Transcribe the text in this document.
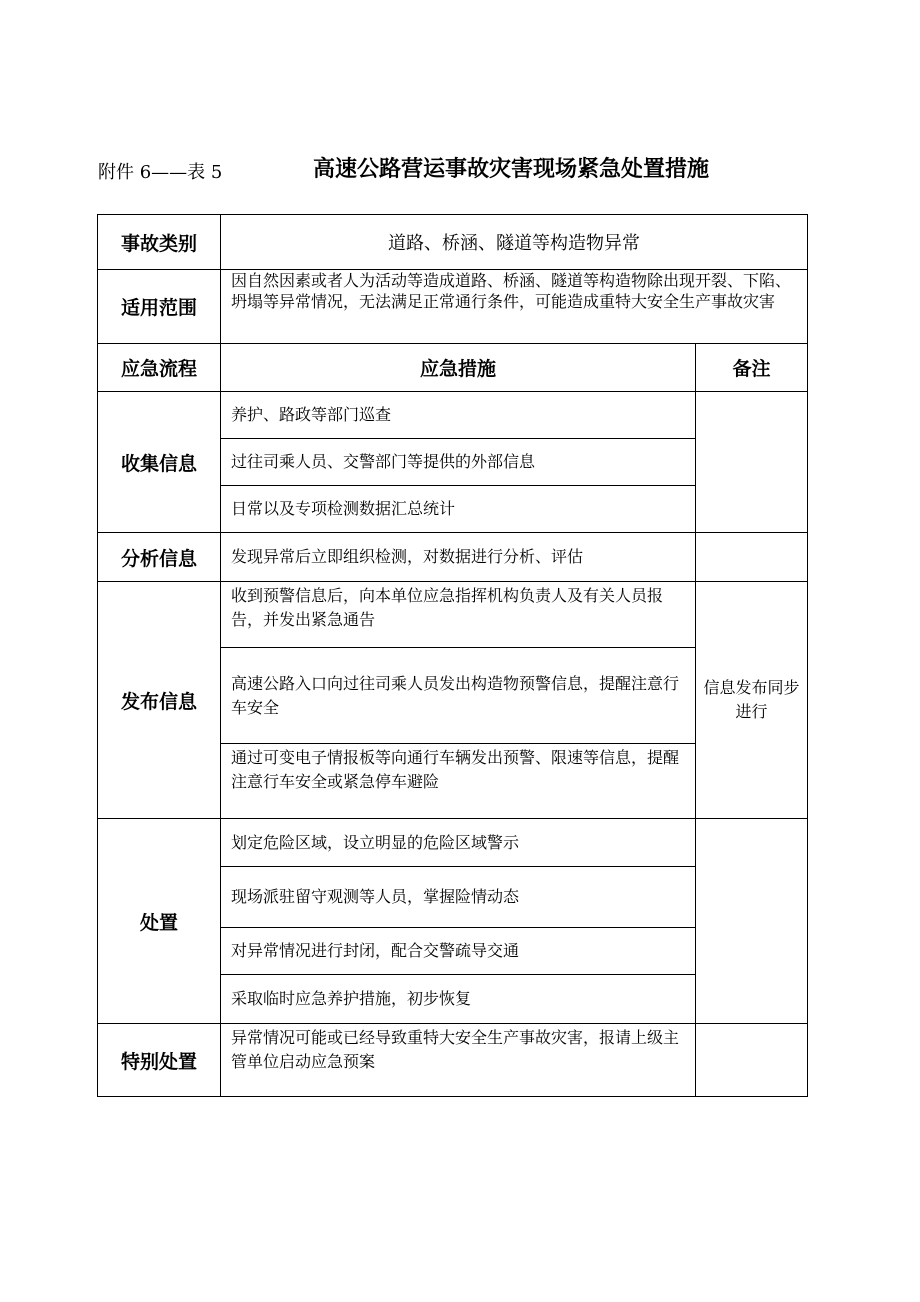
附件 6——表 5	高速公路营运事故灾害现场紧急处置措施
事故类别	道路、桥涵、隧道等构造物异常	
适用范围	因自然因素或者人为活动等造成道路、桥涵、隧道等构造物除出现开裂、下陷、坍塌等异常情况，无法满足正常通行条件，可能造成重特大安全生产事故灾害	
应急流程	应急措施	备注
收集信息	养护、路政等部门巡查	
	过往司乘人员、交警部门等提供的外部信息	
	日常以及专项检测数据汇总统计	
分析信息	发现异常后立即组织检测，对数据进行分析、评估	
发布信息	收到预警信息后，向本单位应急指挥机构负责人及有关人员报告，并发出紧急通告	信息发布同步进行
	高速公路入口向过往司乘人员发出构造物预警信息，提醒注意行车安全	
	通过可变电子情报板等向通行车辆发出预警、限速等信息，提醒注意行车安全或紧急停车避险	
处置	划定危险区域，设立明显的危险区域警示	
	现场派驻留守观测等人员，掌握险情动态	
	对异常情况进行封闭，配合交警疏导交通	
	采取临时应急养护措施，初步恢复	
特别处置	异常情况可能或已经导致重特大安全生产事故灾害，报请上级主管单位启动应急预案	
